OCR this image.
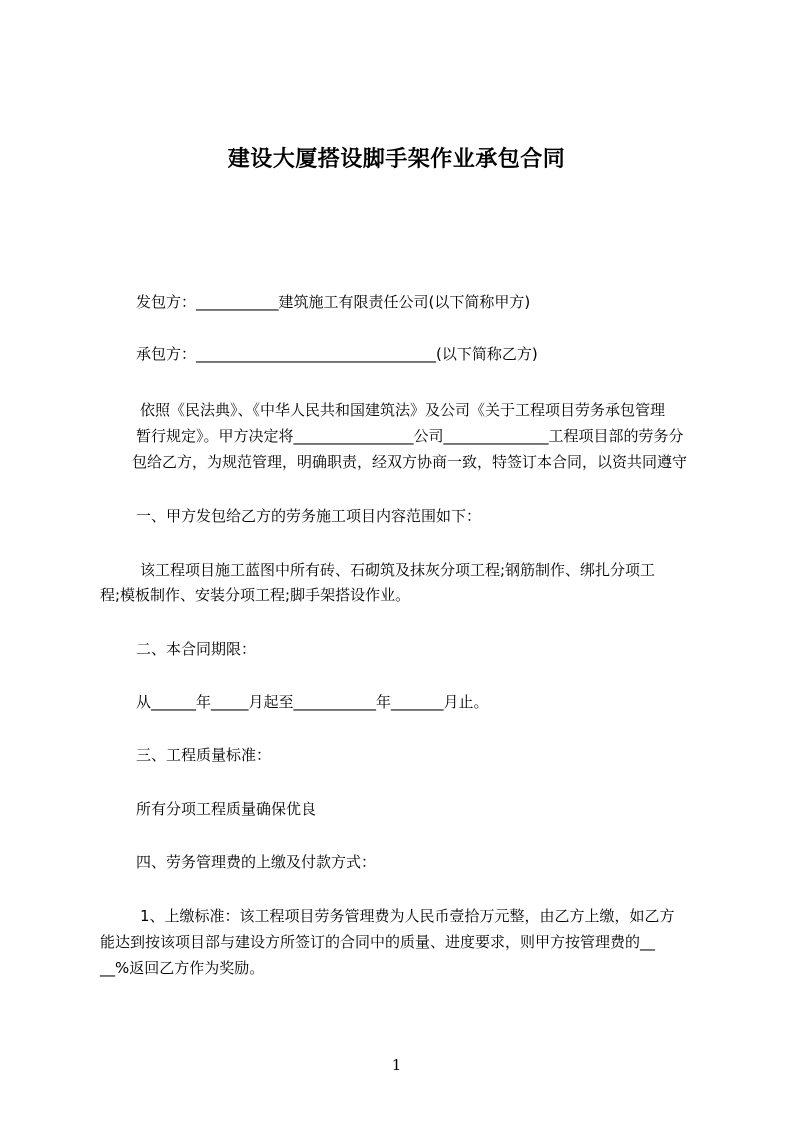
建设大厦搭设脚手架作业承包合同
发包方：___________建筑施工有限责任公司(以下简称甲方)
承包方：________________________________(以下简称乙方)
依照《民法典》、《中华人民共和国建筑法》及公司《关于工程项目劳务承包管理
暂行规定》。甲方决定将________________公司______________工程项目部的劳务分
包给乙方，为规范管理，明确职责，经双方协商一致，特签订本合同，以资共同遵守
一、甲方发包给乙方的劳务施工项目内容范围如下：
该工程项目施工蓝图中所有砖、石砌筑及抹灰分项工程;钢筋制作、绑扎分项工
程;模板制作、安装分项工程;脚手架搭设作业。
二、本合同期限：
从______年_____月起至___________年_______月止。
三、工程质量标准：
所有分项工程质量确保优良
四、劳务管理费的上缴及付款方式：
1、上缴标准：该工程项目劳务管理费为人民币壹拾万元整，由乙方上缴，如乙方
能达到按该项目部与建设方所签订的合同中的质量、进度要求，则甲方按管理费的__
__%返回乙方作为奖励。
1
